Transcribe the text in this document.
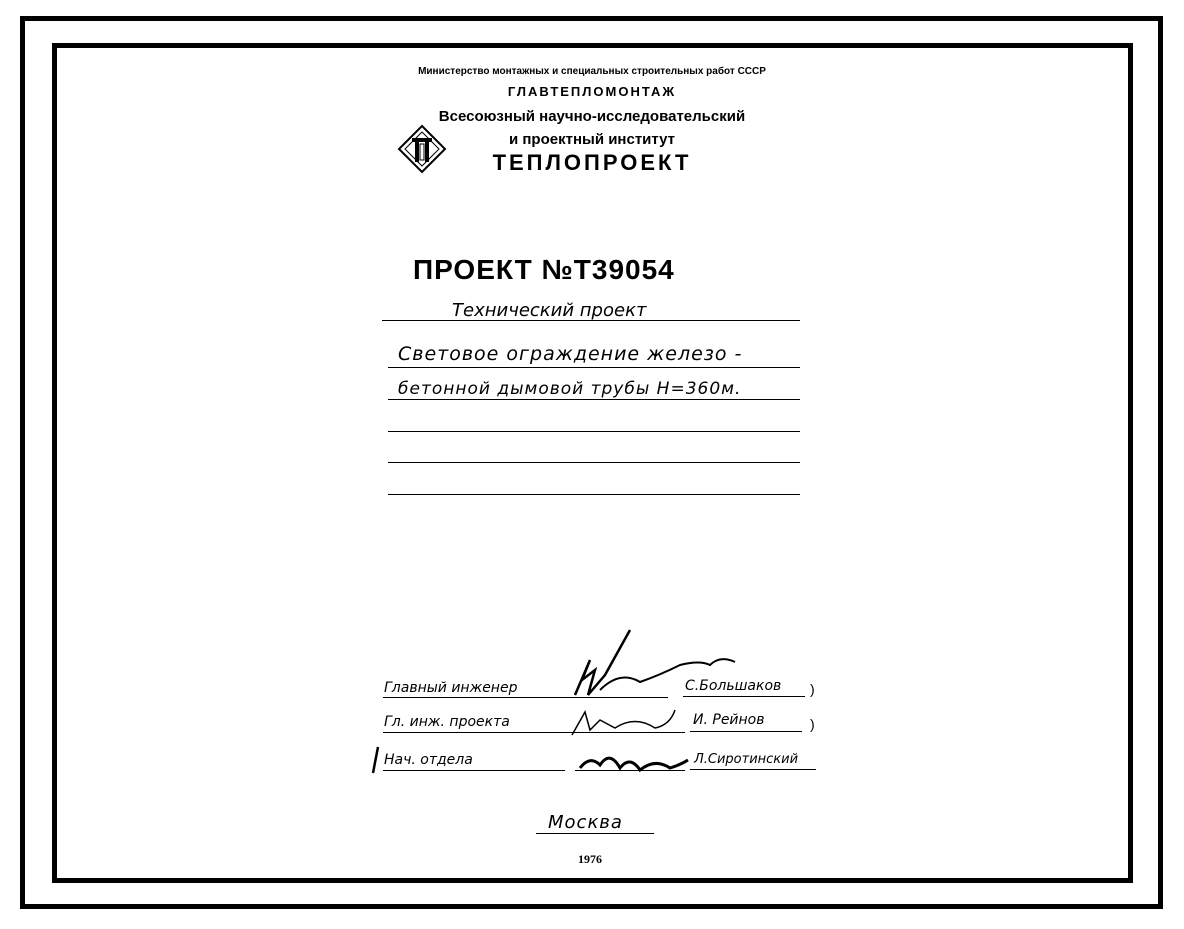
Министерство монтажных и специальных строительных работ СССР
ГЛАВТЕПЛОМОНТАЖ
Всесоюзный научно-исследовательский
и проектный институт
ТЕПЛОПРОЕКТ
ПРОЕКТ №Т39054
Технический проект
Световое ограждение железо -
бетонной дымовой трубы Н=360м.
Главный инженер	С.Большаков )
Гл. инж. проекта	И. Рейнов	)
Нач. отдела	Л.Сиротинский
Москва
1976
